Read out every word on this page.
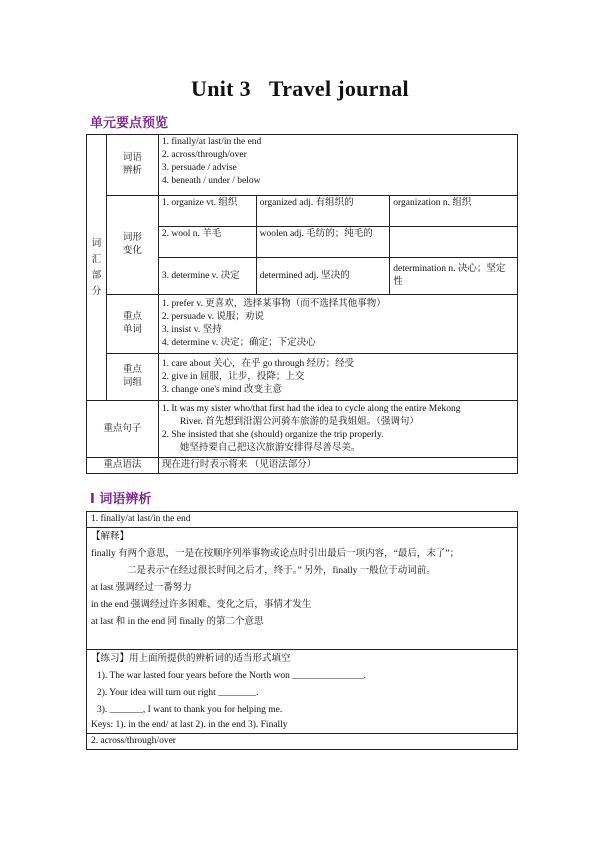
Unit 3 Travel journal
单元要点预览
词
汇
部
分	词语
辨析	1. finally/at last/in the end
2. across/through/over
3. persuade / advise
4. beneath / under / below		

	词形
变化	1. organize vt. 组织	organized adj. 有组织的	organization n. 组织
		2. wool n. 羊毛	woolen adj. 毛纺的；纯毛的	
		3. determine v. 决定	determined adj. 坚决的	determination n. 决心；坚定性

	重点
单词	1. prefer v. 更喜欢，选择某事物（而不选择其他事物）
2. persuade v. 说服；劝说
3. insist v. 坚持
4. determine v. 决定；确定；下定决心		

	重点
词组	1. care about 关心，在乎 go through 经历；经受
2. give in 屈服，让步，投降；上交
3. change one's mind 改变主意		

重点句子		1. It was my sister who/that first had the idea to cycle along the entire Mekong
River. 首先想到沿湄公河骑车旅游的是我姐姐。（强调句）
2. She insisted that she (should) organize the trip properly.
她坚持要自己把这次旅游安排得尽善尽美。		

重点语法		现在进行时表示将来 （见语法部分）		
Ⅰ 词语辨析
1. finally/at last/in the end
【解释】
finally 有两个意思，一是在按顺序列举事物或论点时引出最后一项内容，“最后，末了”；
二是表示“在经过很长时间之后才，终于。” 另外，finally 一般位于动词前。
at last 强调经过一番努力
in the end 强调经过许多困难、变化之后，事情才发生
at last 和 in the end 同 finally 的第二个意思
【练习】用上面所提供的辨析词的适当形式填空
1). The war lasted four years before the North won _______________.
2). Your idea will turn out right ________.
3). _______, I want to thank you for helping me.
Keys: 1). in the end/ at last 2). in the end 3). Finally
2. across/through/over
